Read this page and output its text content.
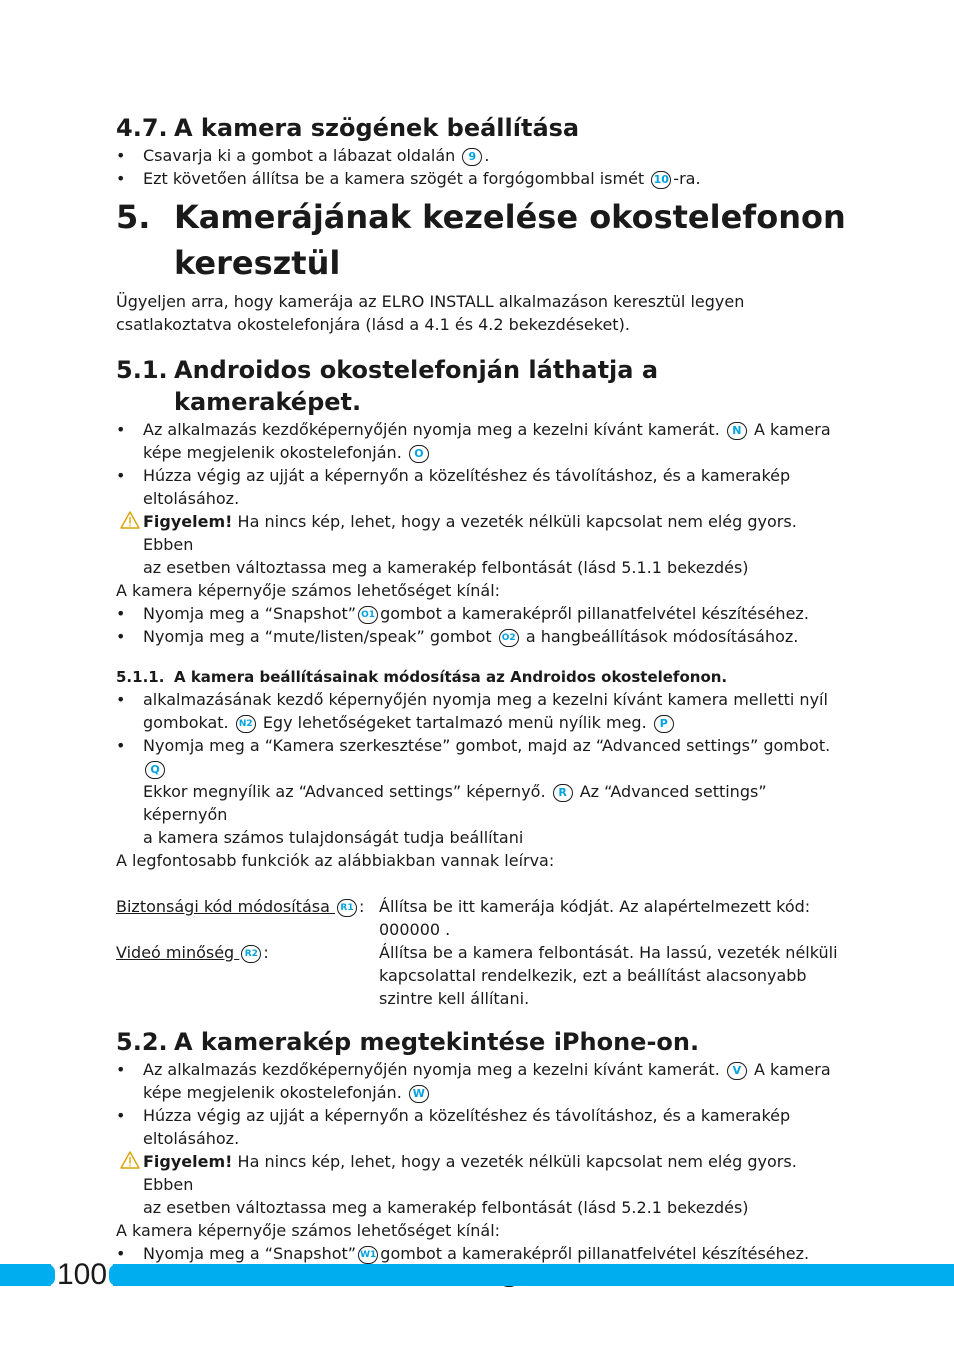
4.7. A kamera szögének beállítása
• Csavarja ki a gombot a lábazat oldalán 9 .
• Ezt követően állítsa be a kamera szögét a forgógombbal ismét 10 -ra.
5. Kamerájának kezelése okostelefonon
keresztül

Ügyeljen arra, hogy kamerája az ELRO INSTALL alkalmazáson keresztül legyen
csatlakoztatva okostelefonjára (lásd a 4.1 és 4.2 bekezdéseket).

5.1. Androidos okostelefonján láthatja a kameraképet.
• Az alkalmazás kezdőképernyőjén nyomja meg a kezelni kívánt kamerát. N A kamera
képe megjelenik okostelefonján. O
• Húzza végig az ujját a képernyőn a közelítéshez és távolításhoz, és a kamerakép
eltolásához.

Figyelem! Ha nincs kép, lehet, hogy a vezeték nélküli kapcsolat nem elég gyors. Ebben
az esetben változtassa meg a kamerakép felbontását (lásd 5.1.1 bekezdés)

A kamera képernyője számos lehetőséget kínál:

• Nyomja meg a “Snapshot” O1 gombot a kameraképről pillanatfelvétel készítéséhez.
• Nyomja meg a “mute/listen/speak” gombot O2 a hangbeállítások módosításához.
5.1.1. A kamera beállításainak módosítása az Androidos okostelefonon.
• alkalmazásának kezdő képernyőjén nyomja meg a kezelni kívánt kamera melletti nyíl
gombokat. N2 Egy lehetőségeket tartalmazó menü nyílik meg. P
• Nyomja meg a “Kamera szerkesztése” gombot, majd az “Advanced settings” gombot. Q
Ekkor megnyílik az “Advanced settings” képernyő. R Az “Advanced settings” képernyőn
a kamera számos tulajdonságát tudja beállítani

A legfontosabb funkciók az alábbiakban vannak leírva:

Biztonsági kód módosítása R1 :	Állítsa be itt kamerája kódját. Az alapértelmezett kód:
000000 .
Videó minőség R2 :	Állítsa be a kamera felbontását. Ha lassú, vezeték nélküli
kapcsolattal rendelkezik, ezt a beállítást alacsonyabb
szintre kell állítani.
5.2. A kamerakép megtekintése iPhone-on.
• Az alkalmazás kezdőképernyőjén nyomja meg a kezelni kívánt kamerát. V A kamera
képe megjelenik okostelefonján. W
• Húzza végig az ujját a képernyőn a közelítéshez és távolításhoz, és a kamerakép
eltolásához.

Figyelem! Ha nincs kép, lehet, hogy a vezeték nélküli kapcsolat nem elég gyors. Ebben
az esetben változtassa meg a kamerakép felbontását (lásd 5.2.1 bekezdés)

A kamera képernyője számos lehetőséget kínál:

• Nyomja meg a “Snapshot” W1 gombot a kameraképről pillanatfelvétel készítéséhez.
•
100
